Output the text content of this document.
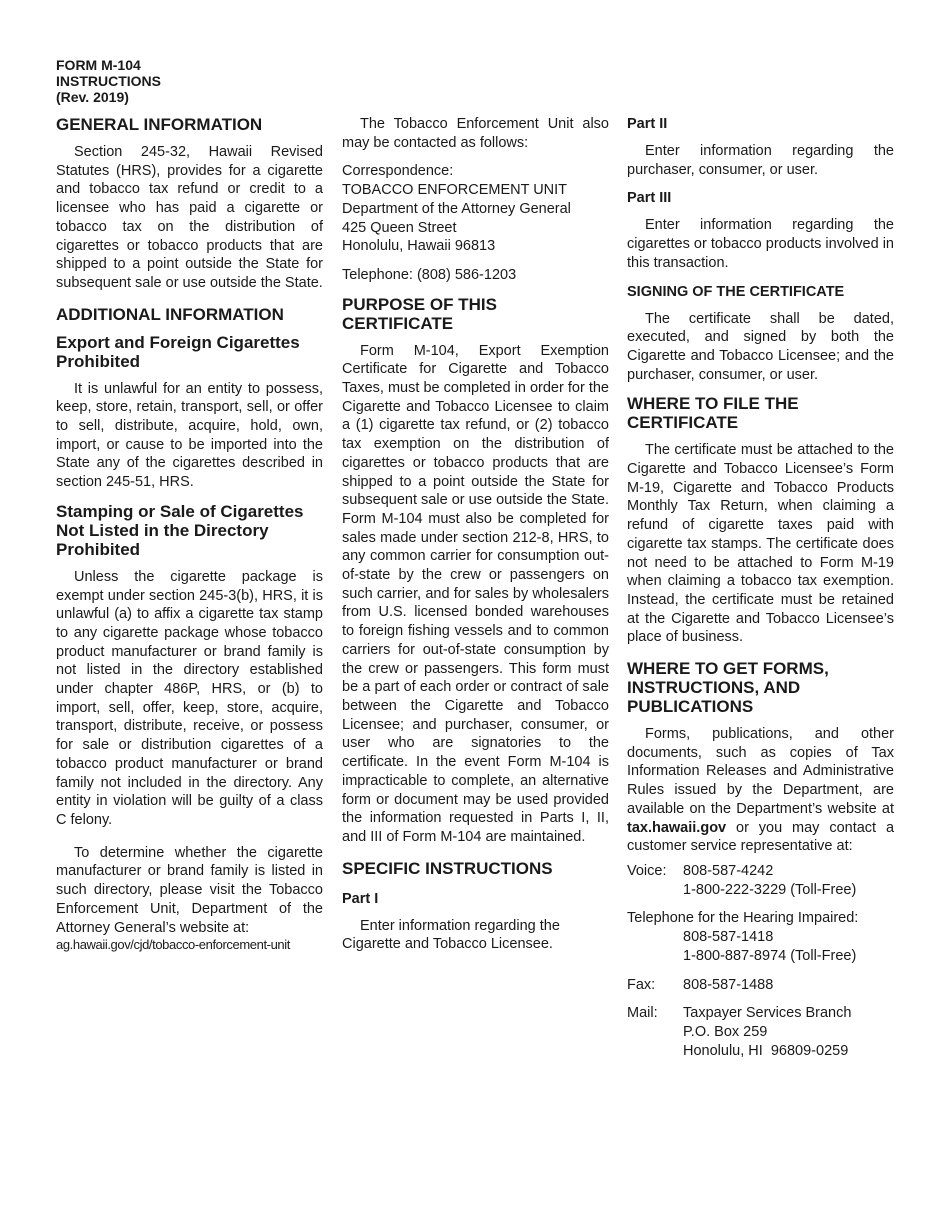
FORM M-104
INSTRUCTIONS
(Rev. 2019)
GENERAL INFORMATION

Section 245-32, Hawaii Revised Statutes (HRS), provides for a cigarette and tobacco tax refund or credit to a licensee who has paid a cigarette or tobacco tax on the distribution of cigarettes or tobacco products that are shipped to a point outside the State for subsequent sale or use outside the State.

ADDITIONAL INFORMATION
Export and Foreign Cigarettes Prohibited

It is unlawful for an entity to possess, keep, store, retain, transport, sell, or offer to sell, distribute, acquire, hold, own, import, or cause to be imported into the State any of the cigarettes described in section 245-51, HRS.

Stamping or Sale of Cigarettes Not Listed in the Directory Prohibited

Unless the cigarette package is exempt under section 245-3(b), HRS, it is unlawful (a) to affix a cigarette tax stamp to any cigarette package whose tobacco product manufacturer or brand family is not listed in the directory established under chapter 486P, HRS, or (b) to import, sell, offer, keep, store, acquire, transport, distribute, receive, or possess for sale or distribution cigarettes of a tobacco product manufacturer or brand family not included in the directory. Any entity in violation will be guilty of a class C felony.

To determine whether the cigarette manufacturer or brand family is listed in such directory, please visit the Tobacco Enforcement Unit, Department of the Attorney General’s website at:

ag.hawaii.gov/cjd/tobacco-enforcement-unit

The Tobacco Enforcement Unit also may be contacted as follows:

Correspondence:
TOBACCO ENFORCEMENT UNIT
Department of the Attorney General
425 Queen Street
Honolulu, Hawaii 96813
Telephone: (808) 586-1203
PURPOSE OF THIS CERTIFICATE

Form M-104, Export Exemption Certificate for Cigarette and Tobacco Taxes, must be completed in order for the Cigarette and Tobacco Licensee to claim a (1) cigarette tax refund, or (2) tobacco tax exemption on the distribution of cigarettes or tobacco products that are shipped to a point outside the State for subsequent sale or use outside the State. Form M-104 must also be completed for sales made under section 212-8, HRS, to any common carrier for consumption out-of-state by the crew or passengers on such carrier, and for sales by wholesalers from U.S. licensed bonded warehouses to foreign fishing vessels and to common carriers for out-of-state consumption by the crew or passengers. This form must be a part of each order or contract of sale between the Cigarette and Tobacco Licensee; and purchaser, consumer, or user who are signatories to the certificate. In the event Form M-104 is impracticable to complete, an alternative form or document may be used provided the information requested in Parts I, II, and III of Form M-104 are maintained.

SPECIFIC INSTRUCTIONS
Part I

Enter information regarding the Cigarette and Tobacco Licensee.

Part II

Enter information regarding the purchaser, consumer, or user.

Part III

Enter information regarding the cigarettes or tobacco products involved in this transaction.

SIGNING OF THE CERTIFICATE

The certificate shall be dated, executed, and signed by both the Cigarette and Tobacco Licensee; and the purchaser, consumer, or user.

WHERE TO FILE THE CERTIFICATE

The certificate must be attached to the Cigarette and Tobacco Licensee’s Form M-19, Cigarette and Tobacco Products Monthly Tax Return, when claiming a refund of cigarette taxes paid with cigarette tax stamps. The certificate does not need to be attached to Form M-19 when claiming a tobacco tax exemption. Instead, the certificate must be retained at the Cigarette and Tobacco Licensee’s place of business.

WHERE TO GET FORMS, INSTRUCTIONS, AND PUBLICATIONS

Forms, publications, and other documents, such as copies of Tax Information Releases and Administrative Rules issued by the Department, are available on the Department’s website at tax.hawaii.gov or you may contact a customer service representative at:

Voice:	808-587-4242
1-800-222-3229 (Toll-Free)
Telephone for the Hearing Impaired:
808-587-1418
1-800-887-8974 (Toll-Free)
Fax:	808-587-1488
Mail:	Taxpayer Services Branch
P.O. Box 259
Honolulu, HI  96809-0259
